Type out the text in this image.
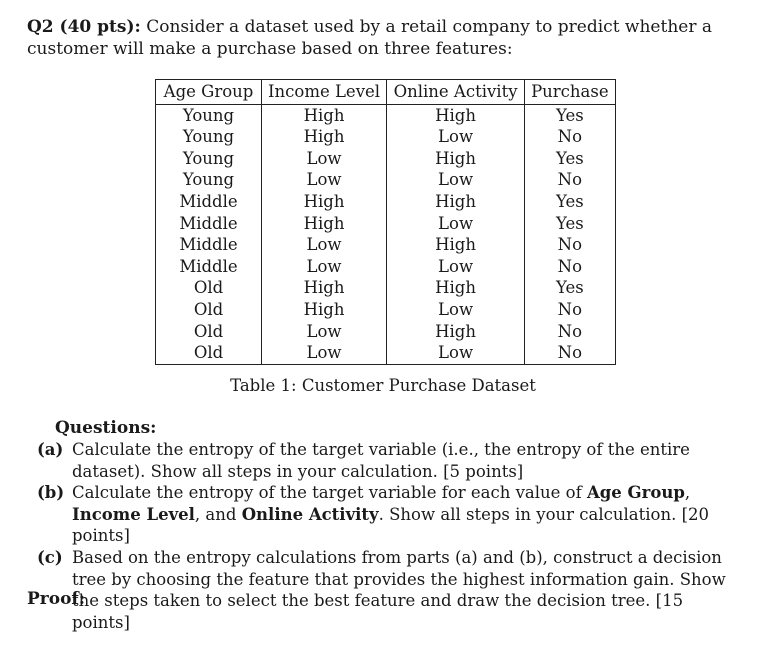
Q2 (40 pts): Consider a dataset used by a retail company to predict whether a customer will make a purchase based on three features:

Age Group	Income Level	Online Activity	Purchase
Young	High	High	Yes
Young	High	Low	No
Young	Low	High	Yes
Young	Low	Low	No
Middle	High	High	Yes
Middle	High	Low	Yes
Middle	Low	High	No
Middle	Low	Low	No
Old	High	High	Yes
Old	High	Low	No
Old	Low	High	No
Old	Low	Low	No
Table 1: Customer Purchase Dataset
Questions:
(a) Calculate the entropy of the target variable (i.e., the entropy of the entire dataset). Show all steps in your calculation. [5 points]
(b) Calculate the entropy of the target variable for each value of Age Group, Income Level, and Online Activity. Show all steps in your calculation. [20 points]
(c) Based on the entropy calculations from parts (a) and (b), construct a decision tree by choosing the feature that provides the highest information gain. Show the steps taken to select the best feature and draw the decision tree. [15 points]
Proof:
